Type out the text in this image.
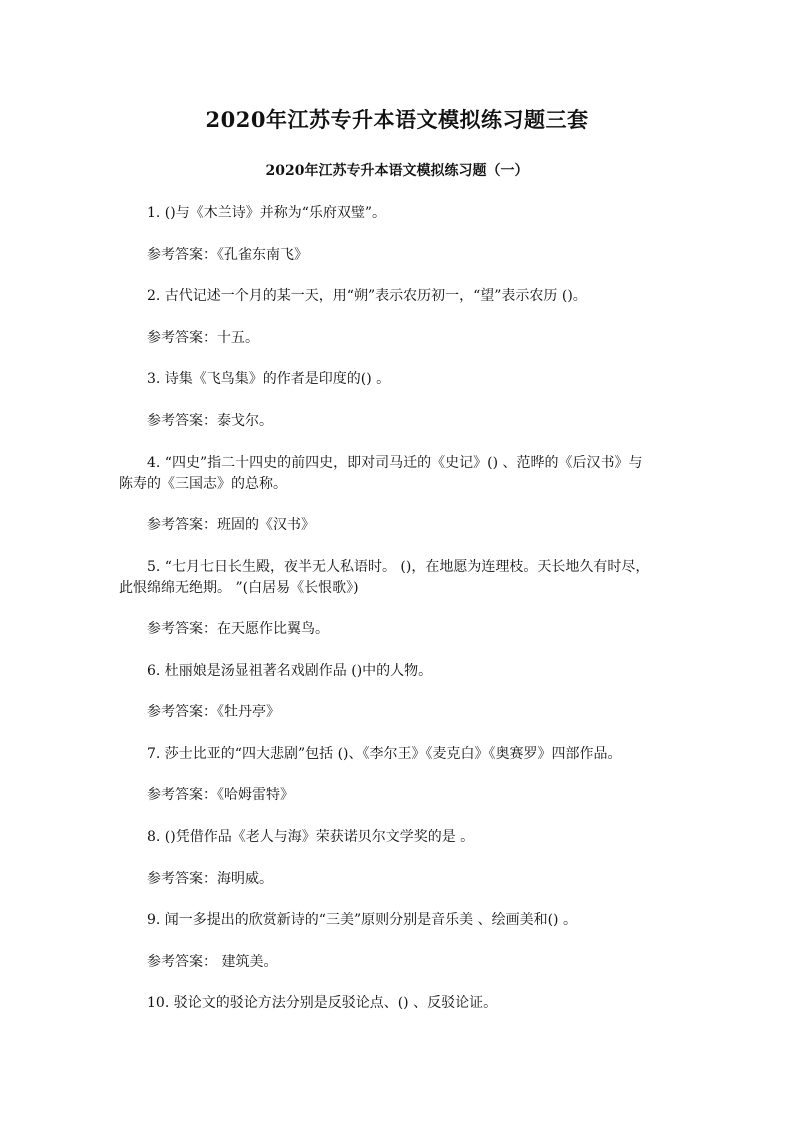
2020年江苏专升本语文模拟练习题三套
2020年江苏专升本语文模拟练习题（一）
1. ()与《木兰诗》并称为“乐府双璧”。
参考答案：《孔雀东南飞》
2. 古代记述一个月的某一天，用“朔”表示农历初一，“望”表示农历 ()。
参考答案：十五。
3. 诗集《飞鸟集》的作者是印度的() 。
参考答案：泰戈尔。
4. “四史”指二十四史的前四史，即对司马迁的《史记》() 、范晔的《后汉书》与
陈寿的《三国志》的总称。
参考答案：班固的《汉书》
5. “七月七日长生殿，夜半无人私语时。 ()，在地愿为连理枝。天长地久有时尽，
此恨绵绵无绝期。 ”(白居易《长恨歌》)
参考答案：在天愿作比翼鸟。
6. 杜丽娘是汤显祖著名戏剧作品 ()中的人物。
参考答案：《牡丹亭》
7. 莎士比亚的“四大悲剧”包括 ()、《李尔王》《麦克白》《奥赛罗》四部作品。
参考答案：《哈姆雷特》
8. ()凭借作品《老人与海》荣获诺贝尔文学奖的是 。
参考答案：海明威。
9. 闻一多提出的欣赏新诗的“三美”原则分别是音乐美 、绘画美和() 。
参考答案： 建筑美。
10. 驳论文的驳论方法分别是反驳论点、() 、反驳论证。
